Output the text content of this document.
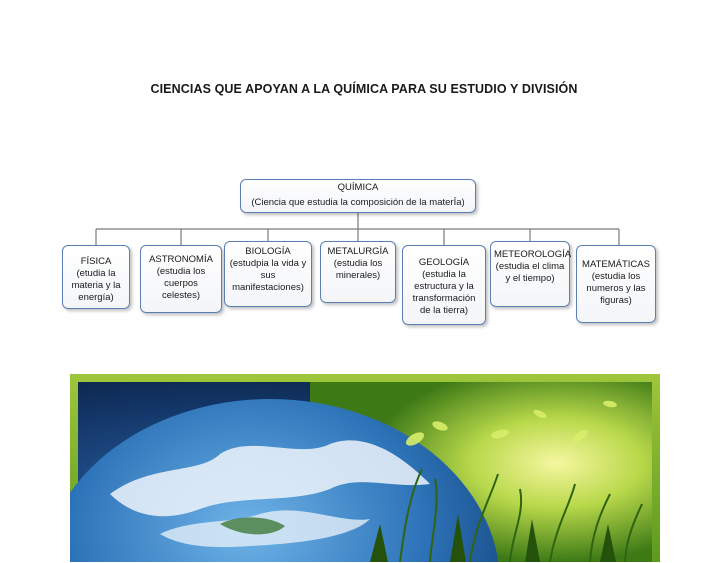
CIENCIAS QUE APOYAN A LA QUÍMICA PARA SU ESTUDIO Y DIVISIÓN
QUÍMICA
(Ciencia que estudia la composición de la materÍa)
FÍSICA
(etudia la materia y la energía)
ASTRONOMÍA
(estudia los cuerpos celestes)
BIOLOGÍA
(estudpia la vida y sus manifestaciones)
METALURGÍA
(estudia los minerales)
GEOLOGÍA
(estudia la estructura y la transformación de la tierra)
METEOROLOGÍA
(estudia el clima y el tiempo)
MATEMÁTICAS
(estudia los numeros y las figuras)
